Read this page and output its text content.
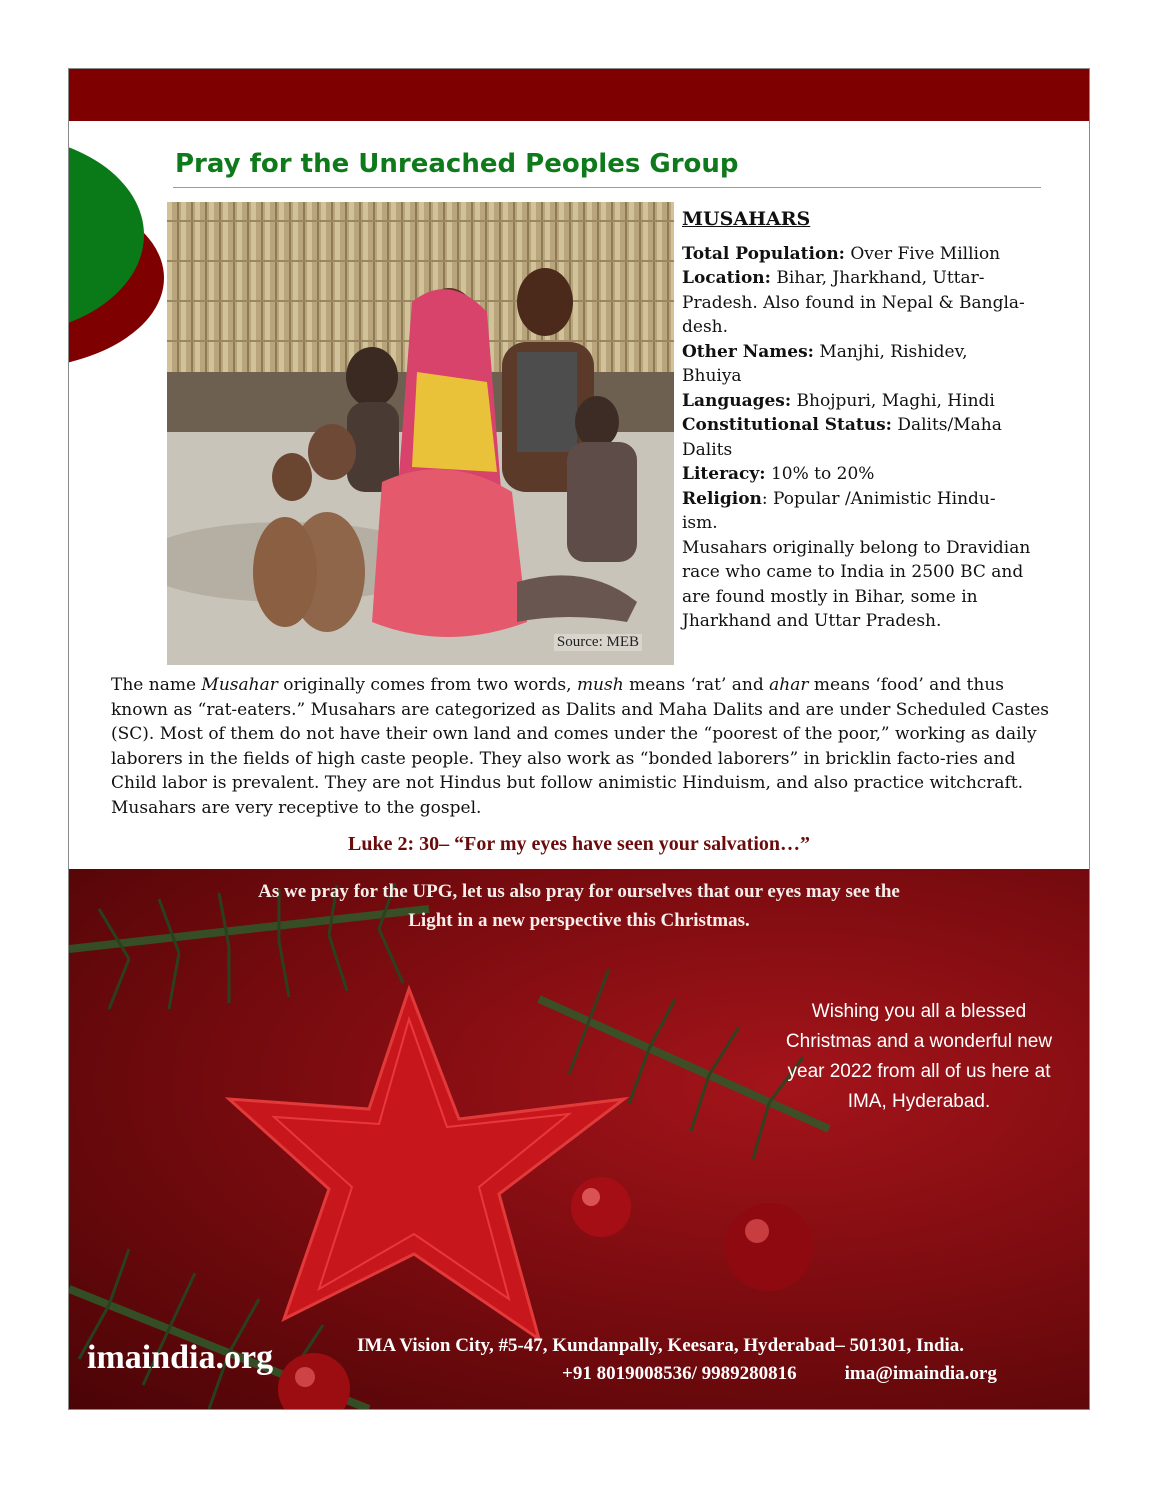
Pray for the Unreached Peoples Group
Source: MEB
MUSAHARS
Total Population: Over Five Million
Location: Bihar, Jharkhand, Uttar-
Pradesh. Also found in Nepal & Bangla-
desh.
Other Names: Manjhi, Rishidev,
Bhuiya
Languages: Bhojpuri, Maghi, Hindi
Constitutional Status: Dalits/Maha
Dalits
Literacy: 10% to 20%
Religion: Popular /Animistic Hindu-
ism.
Musahars originally belong to Dravidian
race who came to India in 2500 BC and
are found mostly in Bihar, some in
Jharkhand and Uttar Pradesh.

The name Musahar originally comes from two words, mush means ‘rat’ and ahar means ‘food’ and thus known as “rat-eaters.” Musahars are categorized as Dalits and Maha Dalits and are under Scheduled Castes (SC). Most of them do not have their own land and comes under the “poorest of the poor,” working as daily laborers in the fields of high caste people. They also work as “bonded laborers” in bricklin facto-ries and Child labor is prevalent. They are not Hindus but follow animistic Hinduism, and also practice witchcraft. Musahars are very receptive to the gospel.

Luke 2: 30– “For my eyes have seen your salvation…”
As we pray for the UPG, let us also pray for ourselves that our eyes may see the
Light in a new perspective this Christmas.
Wishing you all a blessed
Christmas and a wonderful new
year 2022 from all of us here at
IMA, Hyderabad.
imaindia.org	IMA Vision City, #5-47, Kundanpally, Keesara, Hyderabad– 501301, India.
+91 8019008536/ 9989280816	ima@imaindia.org
